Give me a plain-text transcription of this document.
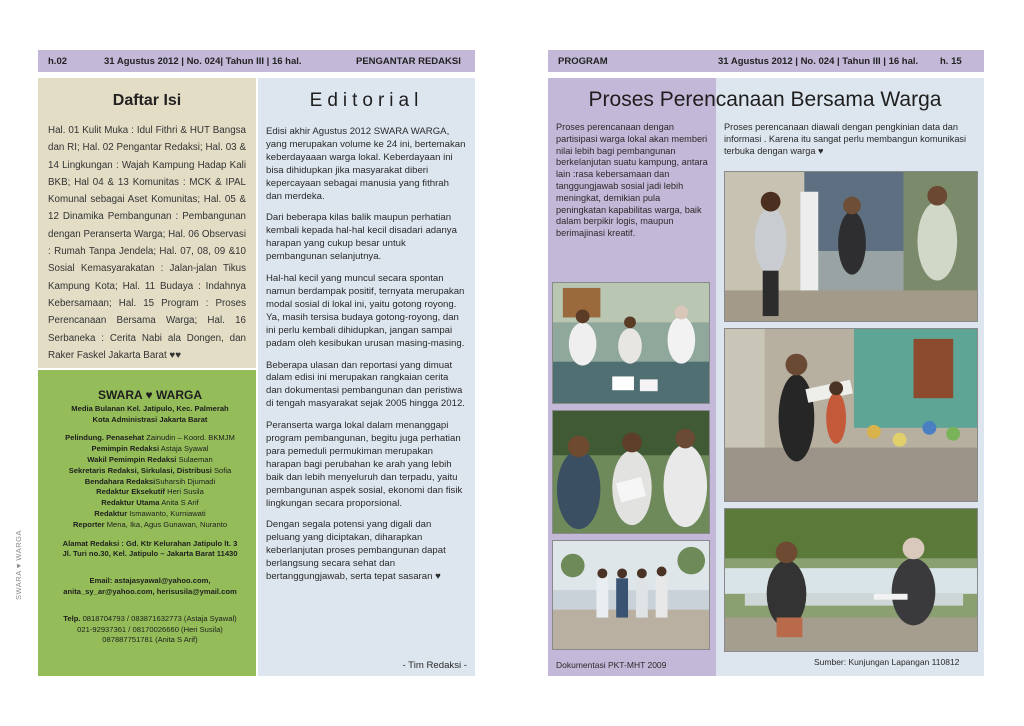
h.02	31 Agustus 2012 | No. 024| Tahun III | 16 hal.	PENGANTAR REDAKSI	PROGRAM	31 Agustus 2012 | No. 024 | Tahun III | 16 hal.	h. 15
Daftar Isi
Hal. 01 Kulit Muka : Idul Fithri & HUT Bangsa dan RI; Hal. 02 Pengantar Redaksi; Hal. 03 & 14 Lingkungan : Wajah Kampung Hadap Kali BKB; Hal 04 & 13 Komunitas : MCK & IPAL Komunal sebagai Aset Komunitas; Hal. 05 & 12 Dinamika Pembangunan : Pembangunan dengan Peranserta Warga; Hal. 06 Observasi : Rumah Tanpa Jendela; Hal. 07, 08, 09 &10 Sosial Kemasyarakatan : Jalan-jalan Tikus Kampung Kota; Hal. 11 Budaya : Indahnya Kebersamaan; Hal. 15 Program : Proses Perencanaan Bersama Warga; Hal. 16 Serbaneka : Cerita Nabi ala Dongen, dan Raker Faskel Jakarta Barat ♥♥
SWARA ♥ WARGA
Media Bulanan Kel. Jatipulo, Kec. Palmerah
Kota Administrasi Jakarta Barat
Pelindung. Penasehat Zainudin – Koord. BKMJM
Pemimpin Redaksi Astaja Syawal
Wakil Pemimpin Redaksi Sulaeman
Sekretaris Redaksi, Sirkulasi, Distribusi Sofia
Bendahara RedaksiSuharsih Djumadi
Redaktur Eksekutif Heri Susila
Redaktur Utama Anita S Arif
Redaktur Ismawanto, Kurniawati
Reporter Mena, Ika, Agus Gunawan, Nuranto
Alamat Redaksi : Gd. Ktr Kelurahan Jatipulo lt. 3
Jl. Turi no.30, Kel. Jatipulo – Jakarta Barat 11430
Email: astajasyawal@yahoo.com,
anita_sy_ar@yahoo.com, herisusila@ymail.com
Telp. 0818704793 / 083871632773 (Astaja Syawal)
021-92937361 / 08170026660 (Heri Susila)
087887751781 (Anita S Arif)
SWARA ♥ WARGA
Editorial

Edisi akhir Agustus 2012 SWARA WARGA, yang merupakan volume ke 24 ini, bertemakan keberdayaaan warga lokal. Keberdayaan ini bisa dihidupkan jika masyarakat diberi kepercayaan sebagai manusia yang fithrah dan merdeka.

Dari beberapa kilas balik maupun perhatian kembali kepada hal-hal kecil disadari adanya harapan yang cukup besar untuk pembangunan selanjutnya.

Hal-hal kecil yang muncul secara spontan namun berdampak positif, ternyata merupakan modal sosial di lokal ini, yaitu gotong royong. Ya, masih tersisa budaya gotong-royong, dan ini perlu kembali dihidupkan, jangan sampai padam oleh kesibukan urusan masing-masing.

Beberapa ulasan dan reportasi yang dimuat dalam edisi ini merupakan rangkaian cerita dan dokumentasi pembangunan dan peristiwa di tengah masyarakat sejak 2005 hingga 2012.

Peranserta warga lokal dalam menanggapi program pembangunan, begitu juga perhatian para pemeduli permukiman merupakan harapan bagi perubahan ke arah yang lebih baik dan lebih menyeluruh dan terpadu, yaitu pembangunan aspek sosial, ekonomi dan fisik lingkungan secara proporsional.

Dengan segala potensi yang digali dan peluang yang diciptakan, diharapkan keberlanjutan proses pembangunan dapat berlangsung secara sehat dan bertanggungjawab, serta tepat sasaran ♥

- Tim Redaksi -
Proses Perencanaan Bersama Warga
Proses perencanaan dengan partisipasi warga lokal akan memberi nilai lebih bagi pembangunan berkelanjutan suatu kampung, antara lain :rasa kebersamaan dan tanggungjawab sosial jadi lebih meningkat, demikian pula peningkatan kapabilitas warga, baik dalam berpikir logis, maupun berimajinasi kreatif.
Proses perencanaan diawali dengan pengkinian data dan informasi . Karena itu sangat perlu membangun komunikasi terbuka dengan warga ♥
Dokumentasi PKT-MHT 2009	Sumber: Kunjungan Lapangan 110812
